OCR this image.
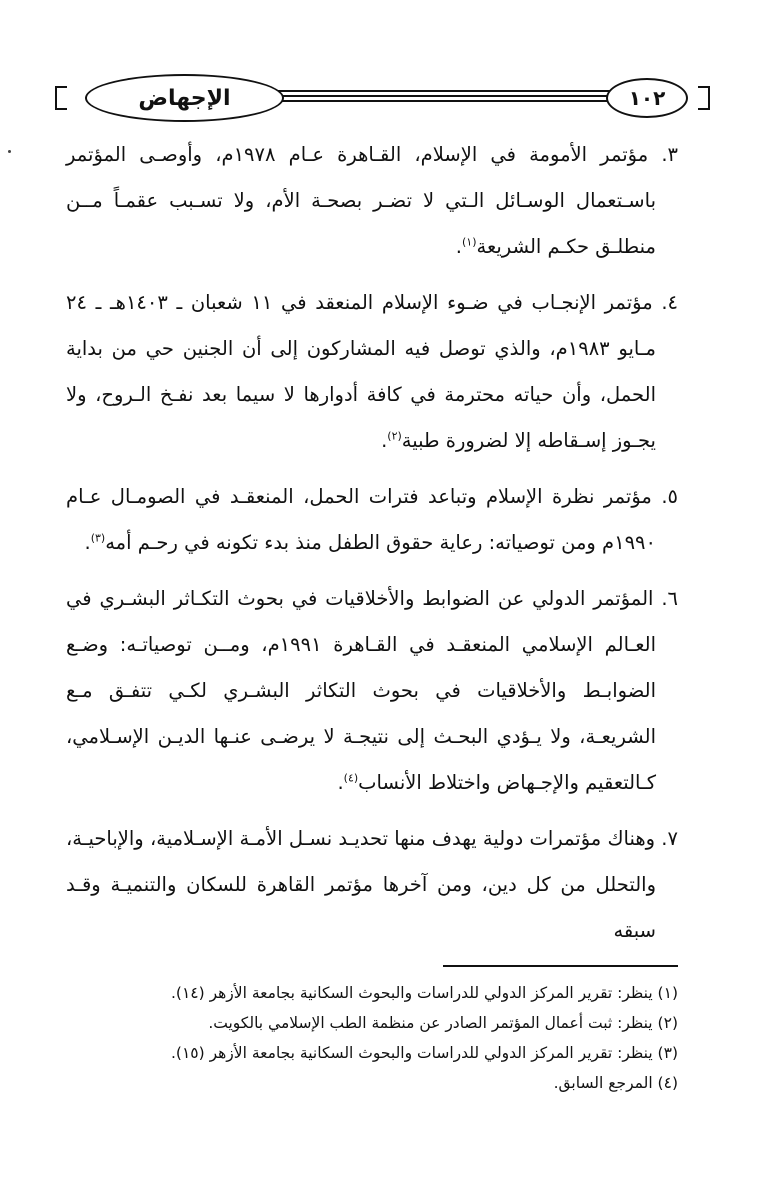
الإجهاض	١٠٢

٣. مؤتمر الأمومة في الإسلام، القـاهرة عـام ١٩٧٨م، وأوصـى المؤتمر باسـتعمال الوسـائل الـتي لا تضـر بصحـة الأم، ولا تسـبب عقمـاً مــن منطلـق حكـم الشريعة$^{(١)}$.

٤. مؤتمر الإنجـاب في ضـوء الإسلام المنعقد في ١١ شعبان ـ ١٤٠٣هـ ـ ٢٤ مـايو ١٩٨٣م، والذي توصل فيه المشاركون إلى أن الجنين حي من بداية الحمل، وأن حياته محترمة في كافة أدوارها لا سيما بعد نفـخ الـروح، ولا يجـوز إسـقاطه إلا لضرورة طبية$^{(٢)}$.

٥. مؤتمر نظرة الإسلام وتباعد فترات الحمل، المنعقـد في الصومـال عـام ١٩٩٠م ومن توصياته: رعاية حقوق الطفل منذ بدء تكونه في رحـم أمه$^{(٣)}$.

٦. المؤتمر الدولي عن الضوابط والأخلاقيات في بحوث التكـاثر البشـري في العـالم الإسلامي المنعقـد في القـاهرة ١٩٩١م، ومــن توصياتـه: وضـع الضوابـط والأخلاقيات في بحوث التكاثر البشـري لكـي تتفـق مـع الشريعـة، ولا يـؤدي البحـث إلى نتيجـة لا يرضـى عنـها الديـن الإسـلامي، كـالتعقيم والإجـهاض واختلاط الأنساب$^{(٤)}$.

٧. وهناك مؤتمرات دولية يهدف منها تحديـد نسـل الأمـة الإسـلامية، والإباحيـة، والتحلل من كل دين، ومن آخرها مؤتمر القاهرة للسكان والتنميـة وقـد سبقه

(١) ينظر: تقرير المركز الدولي للدراسات والبحوث السكانية بجامعة الأزهر (١٤).
(٢) ينظر: ثبت أعمال المؤتمر الصادر عن منظمة الطب الإسلامي بالكويت.
(٣) ينظر: تقرير المركز الدولي للدراسات والبحوث السكانية بجامعة الأزهر (١٥).
(٤) المرجع السابق.
